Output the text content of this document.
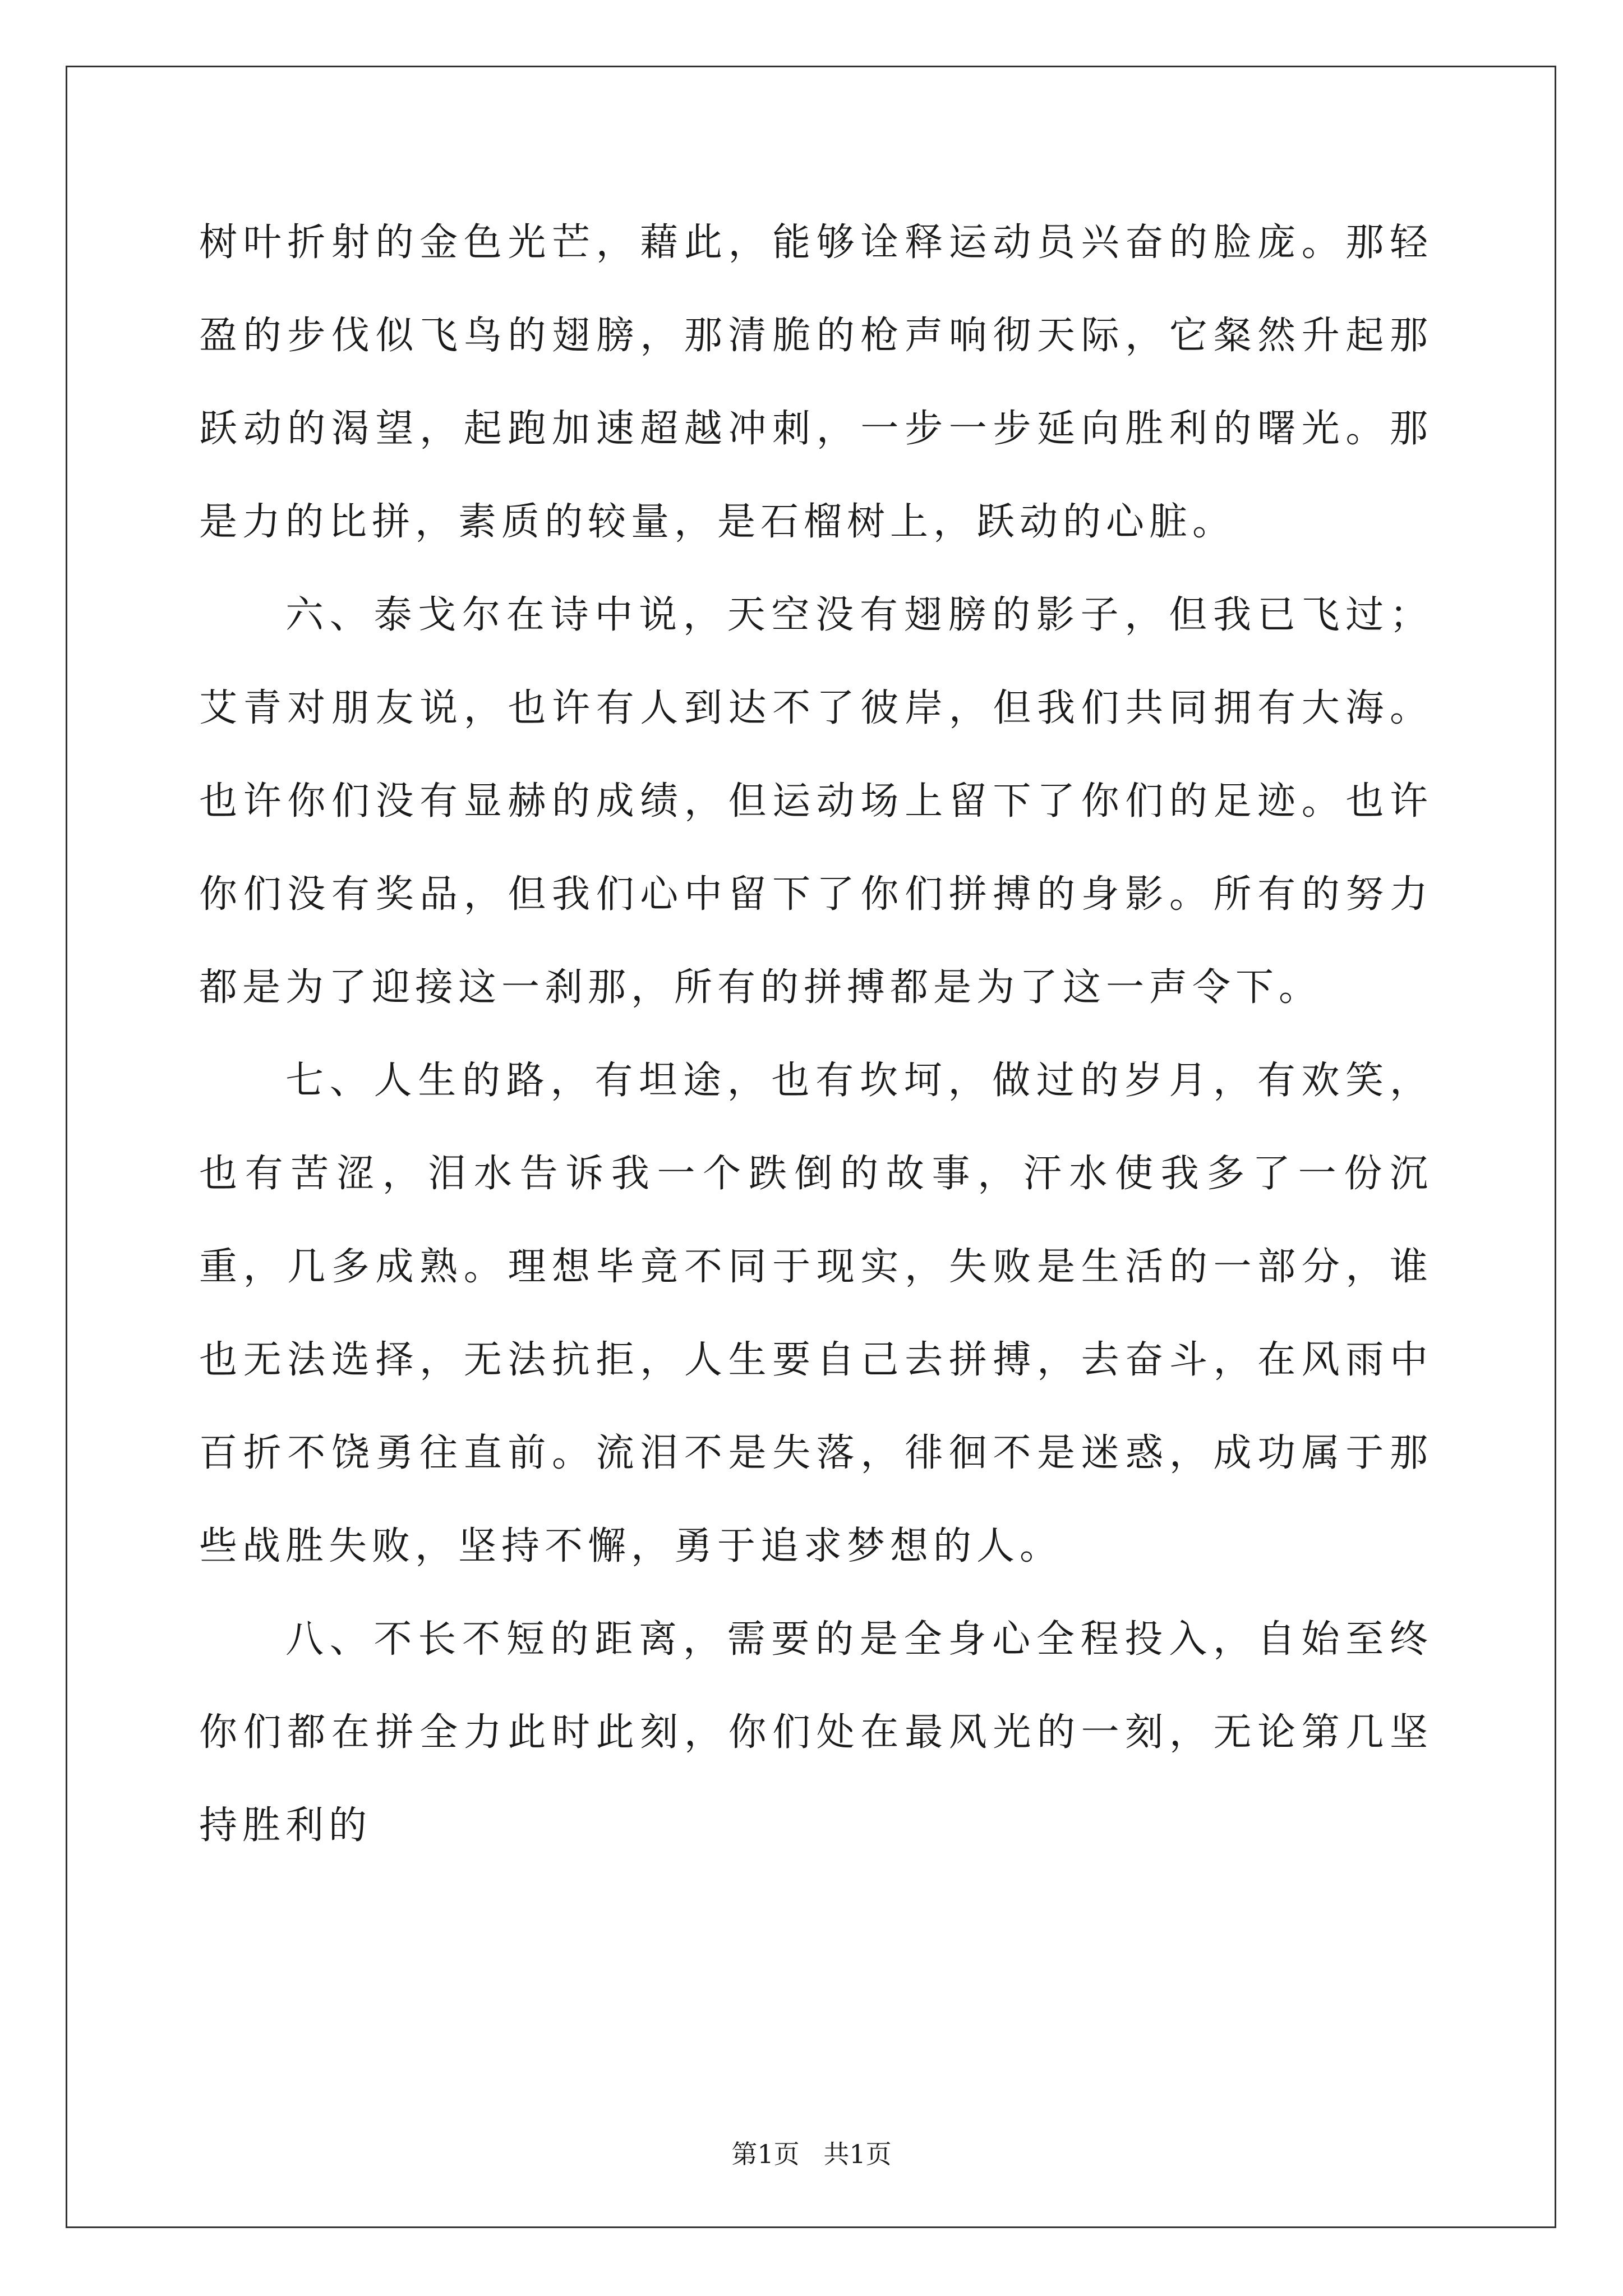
树叶折射的金色光芒，藉此，能够诠释运动员兴奋的脸庞。那轻盈的步伐似飞鸟的翅膀，那清脆的枪声响彻天际，它粲然升起那跃动的渴望，起跑加速超越冲刺，一步一步延向胜利的曙光。那是力的比拼，素质的较量，是石榴树上，跃动的心脏。

六、泰戈尔在诗中说，天空没有翅膀的影子，但我已飞过；艾青对朋友说，也许有人到达不了彼岸，但我们共同拥有大海。也许你们没有显赫的成绩，但运动场上留下了你们的足迹。也许你们没有奖品，但我们心中留下了你们拼搏的身影。所有的努力都是为了迎接这一刹那，所有的拼搏都是为了这一声令下。

七、人生的路，有坦途，也有坎坷，做过的岁月，有欢笑，也有苦涩，泪水告诉我一个跌倒的故事，汗水使我多了一份沉重，几多成熟。理想毕竟不同于现实，失败是生活的一部分，谁也无法选择，无法抗拒，人生要自己去拼搏，去奋斗，在风雨中百折不饶勇往直前。流泪不是失落，徘徊不是迷惑，成功属于那些战胜失败，坚持不懈，勇于追求梦想的人。

八、不长不短的距离，需要的是全身心全程投入，自始至终你们都在拼全力此时此刻，你们处在最风光的一刻，无论第几坚持胜利的

第1页 共1页
